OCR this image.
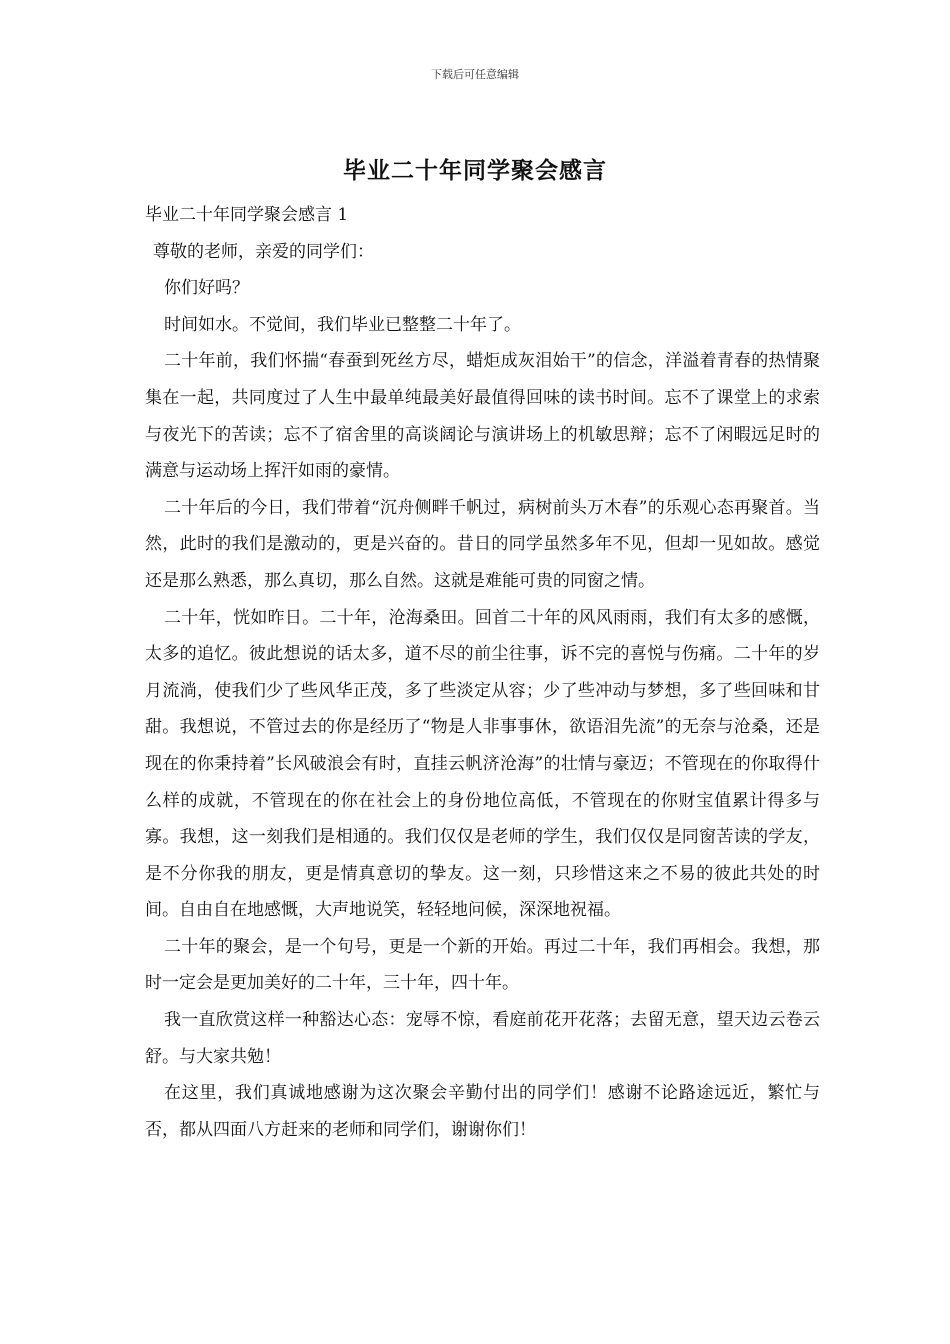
下载后可任意编辑
毕业二十年同学聚会感言

毕业二十年同学聚会感言 1

尊敬的老师，亲爱的同学们：

你们好吗？

时间如水。不觉间，我们毕业已整整二十年了。

二十年前，我们怀揣“春蚕到死丝方尽，蜡炬成灰泪始干”的信念，洋溢着青春的热情聚集在一起，共同度过了人生中最单纯最美好最值得回味的读书时间。忘不了课堂上的求索与夜光下的苦读；忘不了宿舍里的高谈阔论与演讲场上的机敏思辩；忘不了闲暇远足时的满意与运动场上挥汗如雨的豪情。

二十年后的今日，我们带着“沉舟侧畔千帆过，病树前头万木春”的乐观心态再聚首。当然，此时的我们是激动的，更是兴奋的。昔日的同学虽然多年不见，但却一见如故。感觉还是那么熟悉，那么真切，那么自然。这就是难能可贵的同窗之情。

二十年，恍如昨日。二十年，沧海桑田。回首二十年的风风雨雨，我们有太多的感慨，太多的追忆。彼此想说的话太多，道不尽的前尘往事，诉不完的喜悦与伤痛。二十年的岁月流淌，使我们少了些风华正茂，多了些淡定从容；少了些冲动与梦想，多了些回味和甘甜。我想说，不管过去的你是经历了“物是人非事事休，欲语泪先流”的无奈与沧桑，还是现在的你秉持着”长风破浪会有时，直挂云帆济沧海”的壮情与豪迈；不管现在的你取得什么样的成就，不管现在的你在社会上的身份地位高低，不管现在的你财宝值累计得多与寡。我想，这一刻我们是相通的。我们仅仅是老师的学生，我们仅仅是同窗苦读的学友，是不分你我的朋友，更是情真意切的挚友。这一刻，只珍惜这来之不易的彼此共处的时间。自由自在地感慨，大声地说笑，轻轻地问候，深深地祝福。

二十年的聚会，是一个句号，更是一个新的开始。再过二十年，我们再相会。我想，那时一定会是更加美好的二十年，三十年，四十年。

我一直欣赏这样一种豁达心态：宠辱不惊，看庭前花开花落；去留无意，望天边云卷云舒。与大家共勉！

在这里，我们真诚地感谢为这次聚会辛勤付出的同学们！感谢不论路途远近，繁忙与否，都从四面八方赶来的老师和同学们，谢谢你们！
